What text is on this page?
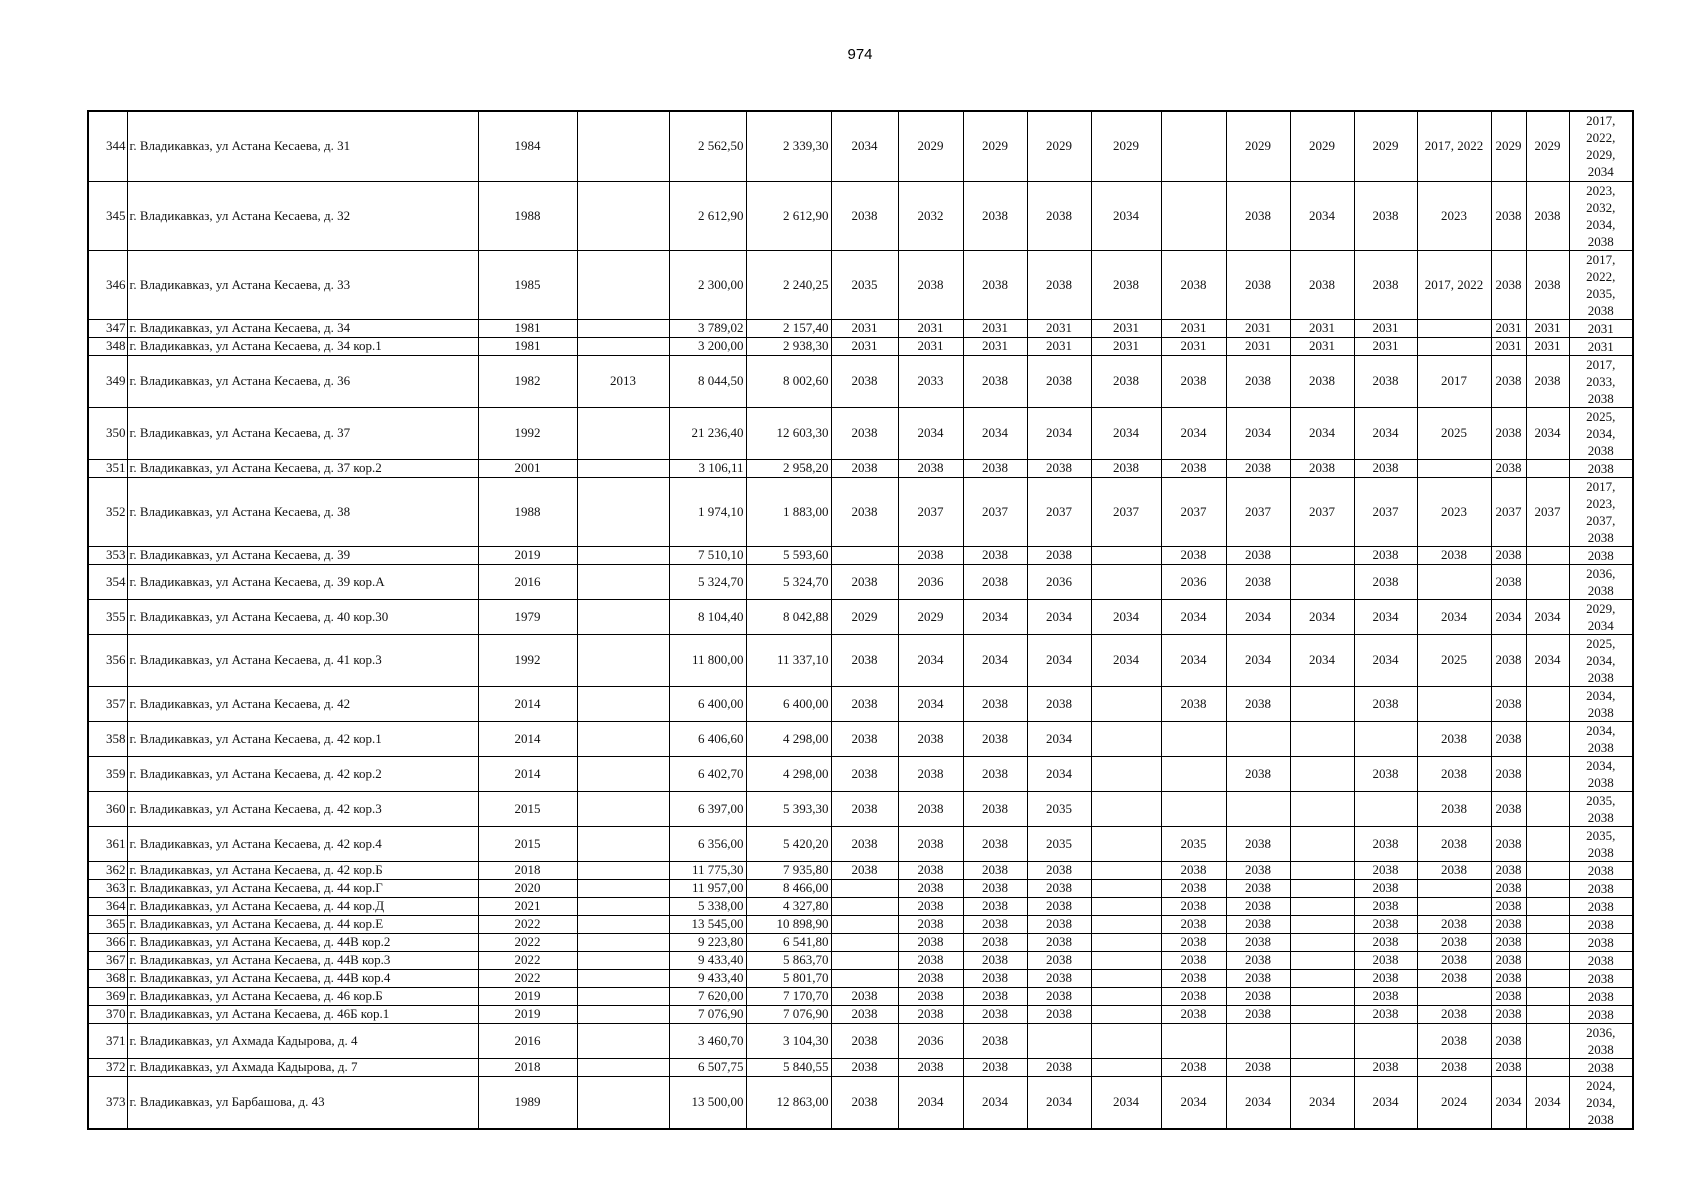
974
344	г. Владикавказ, ул Астана Кесаева, д. 31	1984		2 562,50	2 339,30	2034	2029	2029	2029	2029		2029	2029	2029	2017, 2022	2029	2029	2017,
2022,
2029,
2034

345	г. Владикавказ, ул Астана Кесаева, д. 32	1988		2 612,90	2 612,90	2038	2032	2038	2038	2034		2038	2034	2038	2023	2038	2038	2023,
2032,
2034,
2038

346	г. Владикавказ, ул Астана Кесаева, д. 33	1985		2 300,00	2 240,25	2035	2038	2038	2038	2038	2038	2038	2038	2038	2017, 2022	2038	2038	2017,
2022,
2035,
2038

347	г. Владикавказ, ул Астана Кесаева, д. 34	1981		3 789,02	2 157,40	2031	2031	2031	2031	2031	2031	2031	2031	2031		2031	2031	2031

348	г. Владикавказ, ул Астана Кесаева, д. 34 кор.1	1981		3 200,00	2 938,30	2031	2031	2031	2031	2031	2031	2031	2031	2031		2031	2031	2031

349	г. Владикавказ, ул Астана Кесаева, д. 36	1982	2013	8 044,50	8 002,60	2038	2033	2038	2038	2038	2038	2038	2038	2038	2017	2038	2038	2017,
2033,
2038

350	г. Владикавказ, ул Астана Кесаева, д. 37	1992		21 236,40	12 603,30	2038	2034	2034	2034	2034	2034	2034	2034	2034	2025	2038	2034	2025,
2034,
2038

351	г. Владикавказ, ул Астана Кесаева, д. 37 кор.2	2001		3 106,11	2 958,20	2038	2038	2038	2038	2038	2038	2038	2038	2038		2038		2038

352	г. Владикавказ, ул Астана Кесаева, д. 38	1988		1 974,10	1 883,00	2038	2037	2037	2037	2037	2037	2037	2037	2037	2023	2037	2037	2017,
2023,
2037,
2038

353	г. Владикавказ, ул Астана Кесаева, д. 39	2019		7 510,10	5 593,60		2038	2038	2038		2038	2038		2038	2038	2038		2038

354	г. Владикавказ, ул Астана Кесаева, д. 39 кор.А	2016		5 324,70	5 324,70	2038	2036	2038	2036		2036	2038		2038		2038		2036,
2038

355	г. Владикавказ, ул Астана Кесаева, д. 40 кор.30	1979		8 104,40	8 042,88	2029	2029	2034	2034	2034	2034	2034	2034	2034	2034	2034	2034	2029,
2034

356	г. Владикавказ, ул Астана Кесаева, д. 41 кор.3	1992		11 800,00	11 337,10	2038	2034	2034	2034	2034	2034	2034	2034	2034	2025	2038	2034	2025,
2034,
2038

357	г. Владикавказ, ул Астана Кесаева, д. 42	2014		6 400,00	6 400,00	2038	2034	2038	2038		2038	2038		2038		2038		2034,
2038

358	г. Владикавказ, ул Астана Кесаева, д. 42 кор.1	2014		6 406,60	4 298,00	2038	2038	2038	2034						2038	2038		2034,
2038

359	г. Владикавказ, ул Астана Кесаева, д. 42 кор.2	2014		6 402,70	4 298,00	2038	2038	2038	2034			2038		2038	2038	2038		2034,
2038

360	г. Владикавказ, ул Астана Кесаева, д. 42 кор.3	2015		6 397,00	5 393,30	2038	2038	2038	2035						2038	2038		2035,
2038

361	г. Владикавказ, ул Астана Кесаева, д. 42 кор.4	2015		6 356,00	5 420,20	2038	2038	2038	2035		2035	2038		2038	2038	2038		2035,
2038

362	г. Владикавказ, ул Астана Кесаева, д. 42 кор.Б	2018		11 775,30	7 935,80	2038	2038	2038	2038		2038	2038		2038	2038	2038		2038

363	г. Владикавказ, ул Астана Кесаева, д. 44 кор.Г	2020		11 957,00	8 466,00		2038	2038	2038		2038	2038		2038		2038		2038

364	г. Владикавказ, ул Астана Кесаева, д. 44 кор.Д	2021		5 338,00	4 327,80		2038	2038	2038		2038	2038		2038		2038		2038

365	г. Владикавказ, ул Астана Кесаева, д. 44 кор.Е	2022		13 545,00	10 898,90		2038	2038	2038		2038	2038		2038	2038	2038		2038

366	г. Владикавказ, ул Астана Кесаева, д. 44В кор.2	2022		9 223,80	6 541,80		2038	2038	2038		2038	2038		2038	2038	2038		2038

367	г. Владикавказ, ул Астана Кесаева, д. 44В кор.3	2022		9 433,40	5 863,70		2038	2038	2038		2038	2038		2038	2038	2038		2038

368	г. Владикавказ, ул Астана Кесаева, д. 44В кор.4	2022		9 433,40	5 801,70		2038	2038	2038		2038	2038		2038	2038	2038		2038

369	г. Владикавказ, ул Астана Кесаева, д. 46 кор.Б	2019		7 620,00	7 170,70	2038	2038	2038	2038		2038	2038		2038		2038		2038

370	г. Владикавказ, ул Астана Кесаева, д. 46Б кор.1	2019		7 076,90	7 076,90	2038	2038	2038	2038		2038	2038		2038	2038	2038		2038

371	г. Владикавказ, ул Ахмада Кадырова, д. 4	2016		3 460,70	3 104,30	2038	2036	2038							2038	2038		2036,
2038

372	г. Владикавказ, ул Ахмада Кадырова, д. 7	2018		6 507,75	5 840,55	2038	2038	2038	2038		2038	2038		2038	2038	2038		2038

373	г. Владикавказ, ул Барбашова, д. 43	1989		13 500,00	12 863,00	2038	2034	2034	2034	2034	2034	2034	2034	2034	2024	2034	2034	2024,
2034,
2038
